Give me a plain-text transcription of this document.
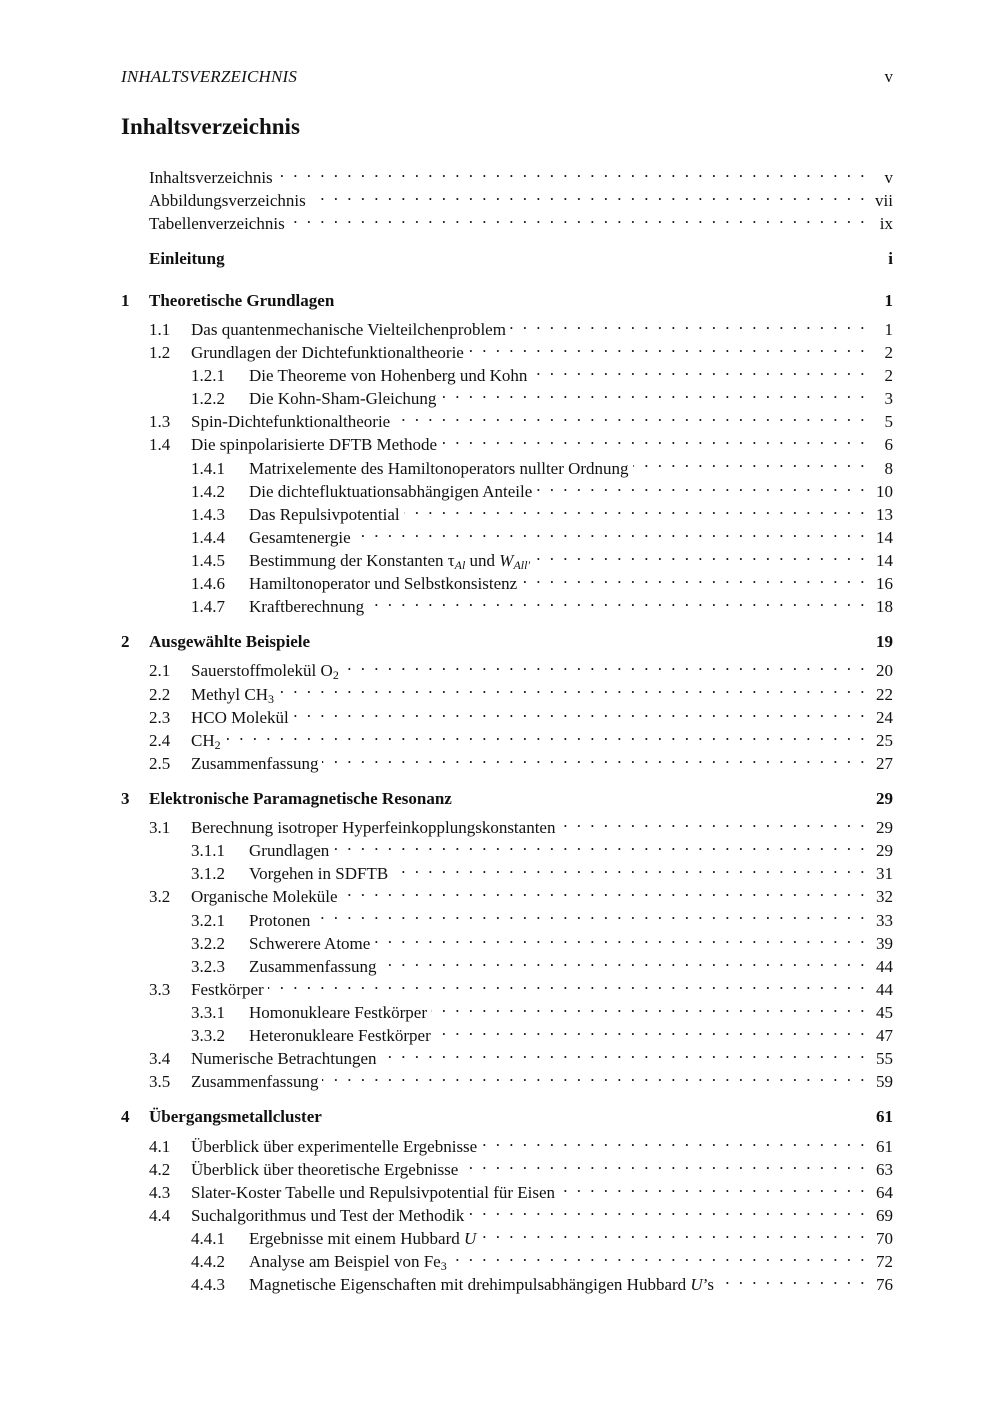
INHALTSVERZEICHNIS	v
Inhaltsverzeichnis
Inhaltsverzeichnis . . .	v
Abbildungsverzeichnis . . .	vii
Tabellenverzeichnis . . .	ix
Einleitung	i
1	Theoretische Grundlagen	1
1.1	Das quantenmechanische Vielteilchenproblem . . .	1
1.2	Grundlagen der Dichtefunktionaltheorie . . .	2
1.2.1	Die Theoreme von Hohenberg und Kohn . . .	2
1.2.2	Die Kohn-Sham-Gleichung . . .	3
1.3	Spin-Dichtefunktionaltheorie . . .	5
1.4	Die spinpolarisierte DFTB Methode . . .	6
1.4.1	Matrixelemente des Hamiltonoperators nullter Ordnung . . .	8
1.4.2	Die dichtefluktuationsabhängigen Anteile . . .	10
1.4.3	Das Repulsivpotential . . .	13
1.4.4	Gesamtenergie . . .	14
1.4.5	Bestimmung der Konstanten τAl und WAll′ . . .	14
1.4.6	Hamiltonoperator und Selbstkonsistenz . . .	16
1.4.7	Kraftberechnung . . .	18
2	Ausgewählte Beispiele	19
2.1	Sauerstoffmolekül O2 . . .	20
2.2	Methyl CH3 . . .	22
2.3	HCO Molekül . . .	24
2.4	CH2 . . .	25
2.5	Zusammenfassung . . .	27
3	Elektronische Paramagnetische Resonanz	29
3.1	Berechnung isotroper Hyperfeinkopplungskonstanten . . .	29
3.1.1	Grundlagen . . .	29
3.1.2	Vorgehen in SDFTB . . .	31
3.2	Organische Moleküle . . .	32
3.2.1	Protonen . . .	33
3.2.2	Schwerere Atome . . .	39
3.2.3	Zusammenfassung . . .	44
3.3	Festkörper . . .	44
3.3.1	Homonukleare Festkörper . . .	45
3.3.2	Heteronukleare Festkörper . . .	47
3.4	Numerische Betrachtungen . . .	55
3.5	Zusammenfassung . . .	59
4	Übergangsmetallcluster	61
4.1	Überblick über experimentelle Ergebnisse . . .	61
4.2	Überblick über theoretische Ergebnisse . . .	63
4.3	Slater-Koster Tabelle und Repulsivpotential für Eisen . . .	64
4.4	Suchalgorithmus und Test der Methodik . . .	69
4.4.1	Ergebnisse mit einem Hubbard U . . .	70
4.4.2	Analyse am Beispiel von Fe3 . . .	72
4.4.3	Magnetische Eigenschaften mit drehimpulsabhängigen Hubbard U’s . . .	76
